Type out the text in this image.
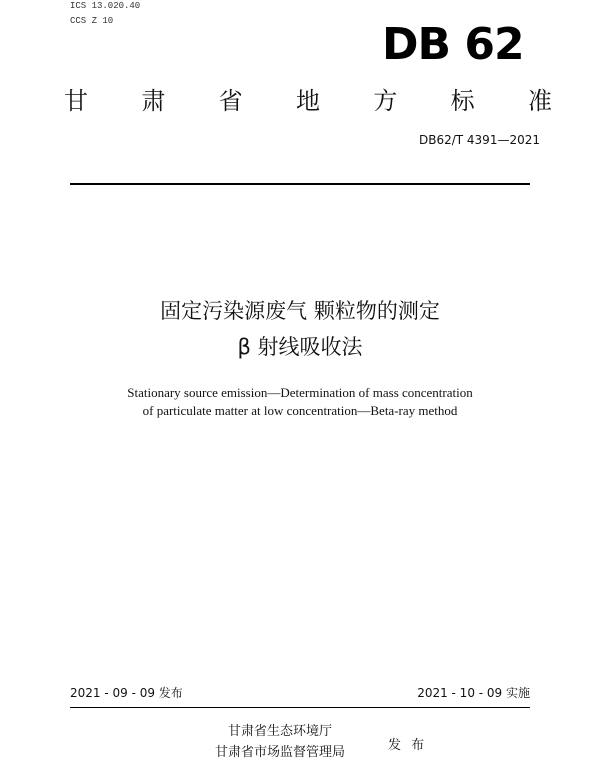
ICS 13.020.40
CCS Z 10	DB 62
甘 肃 省 地 方 标 准
DB62/T 4391—2021
固定污染源废气 颗粒物的测定
β 射线吸收法
Stationary source emission—Determination of mass concentration
of particulate matter at low concentration—Beta-ray method
2021 - 09 - 09 发布	2021 - 10 - 09 实施
甘肃省生态环境厅
甘肃省市场监督管理局	发 布
